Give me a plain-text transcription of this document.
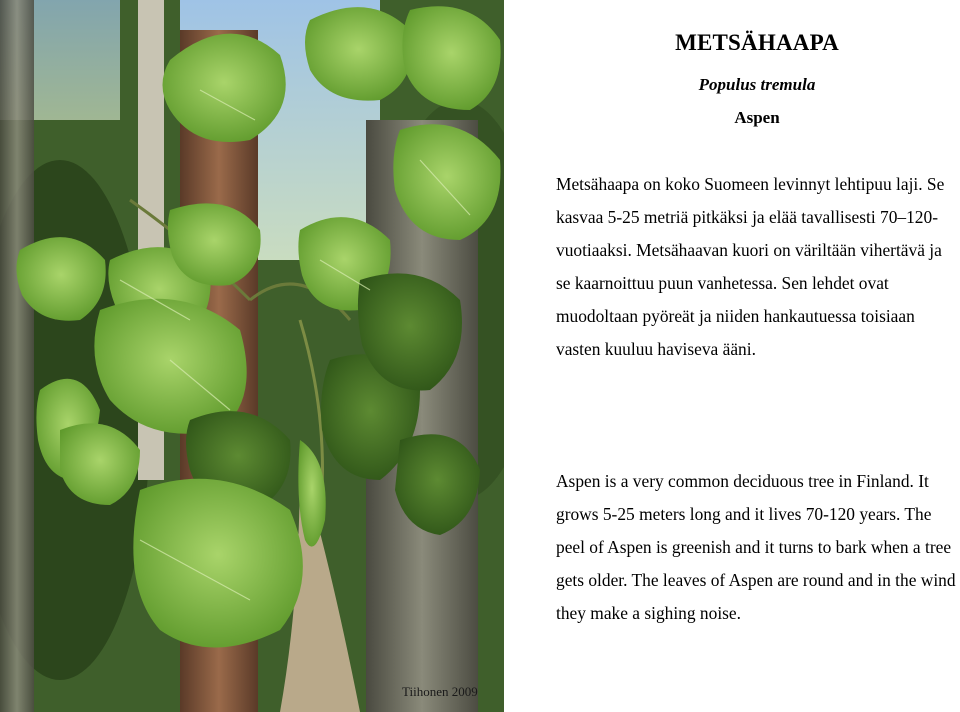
Tiihonen 2009
METSÄHAAPA
Populus tremula
Aspen
Metsähaapa on koko Suomeen levinnyt lehtipuu laji. Se kasvaa 5-25 metriä pitkäksi ja elää tavallisesti 70–120-vuotiaaksi. Metsähaavan kuori on väriltään vihertävä ja se kaarnoittuu puun vanhetessa. Sen lehdet ovat muodoltaan pyöreät ja niiden hankautuessa toisiaan vasten kuuluu haviseva ääni.
Aspen is a very common deciduous tree in Finland. It grows 5-25 meters long and it lives 70-120 years. The peel of Aspen is greenish and it turns to bark when a tree gets older. The leaves of Aspen are round and in the wind they make a sighing noise.
